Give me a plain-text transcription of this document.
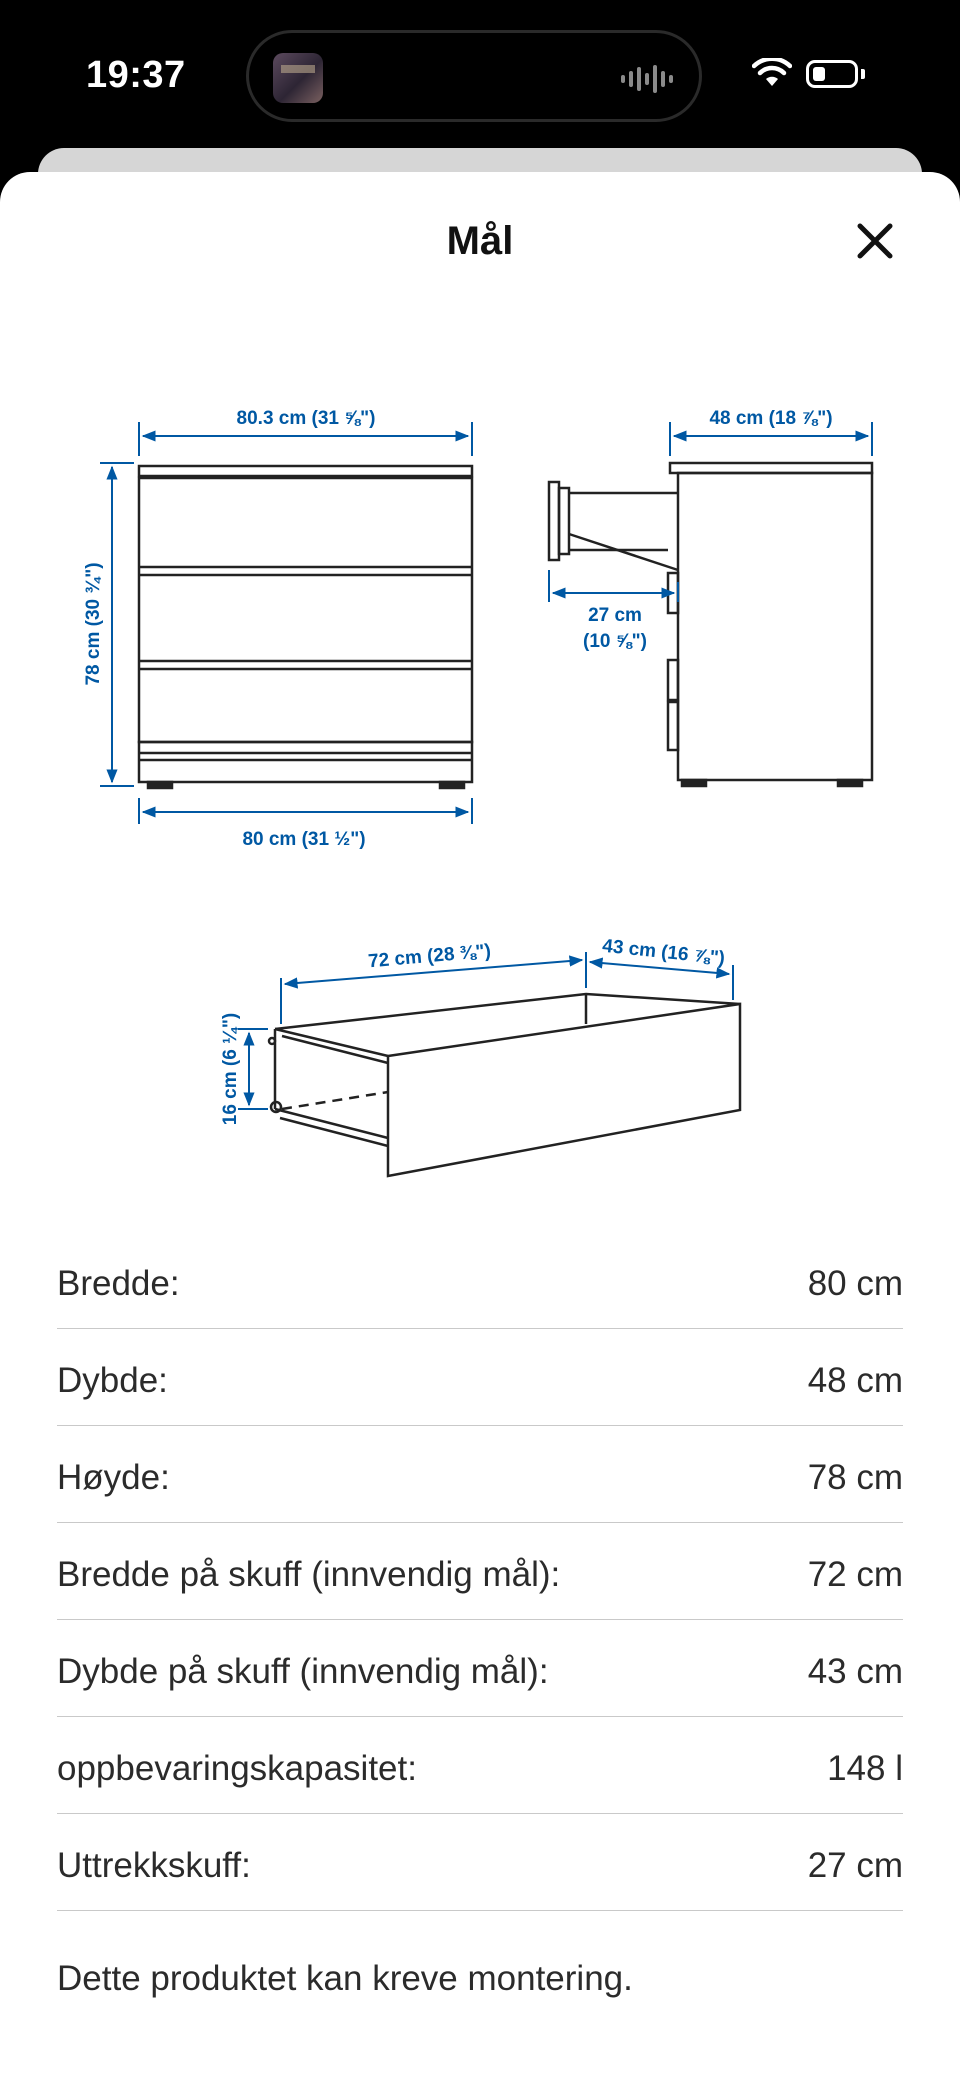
19:37
Mål
80.3 cm (31 ⅝")
78 cm (30 ¾")
80 cm (31 ½")
48 cm (18 ⅞")
27 cm
(10 ⅝")
72 cm (28 ⅜")	43 cm (16 ⅞")
16 cm (6 ¼")
Bredde:	80 cm
Dybde:	48 cm
Høyde:	78 cm
Bredde på skuff (innvendig mål):	72 cm
Dybde på skuff (innvendig mål):	43 cm
oppbevaringskapasitet:	148 l
Uttrekkskuff:	27 cm
Dette produktet kan kreve montering.
